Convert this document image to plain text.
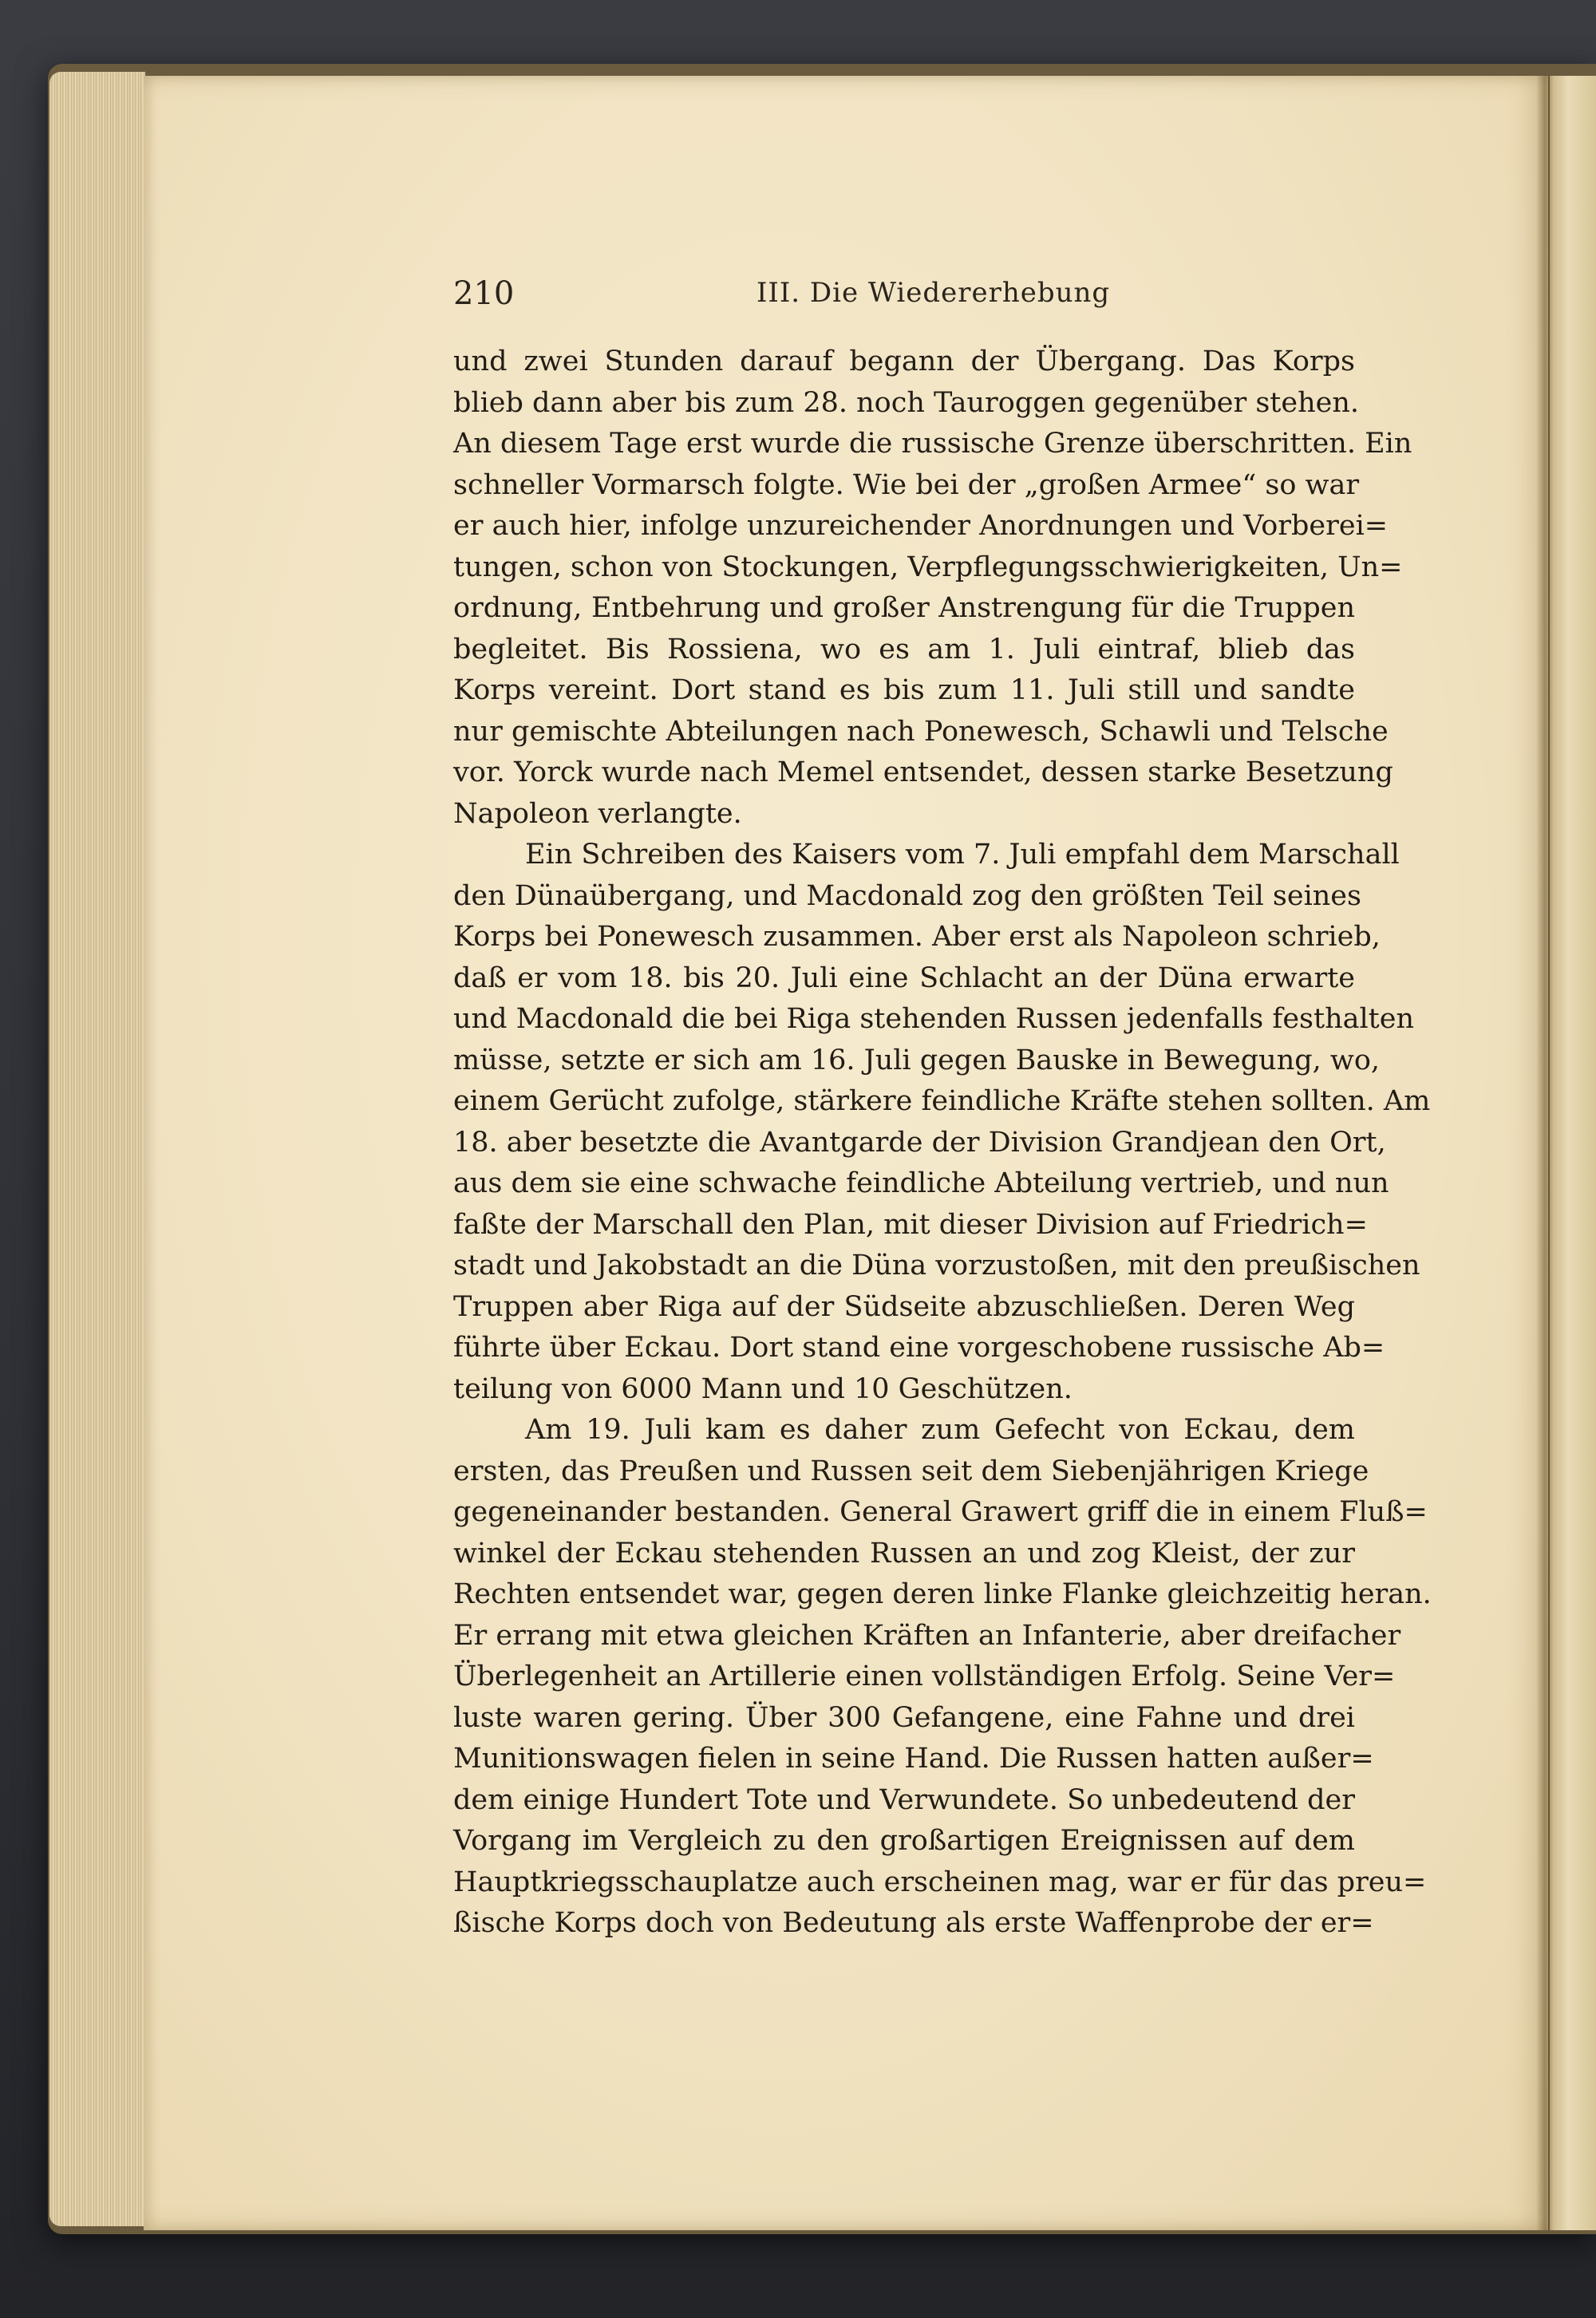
210	III. Die Wiedererhebung
und zwei Stunden darauf begann der Übergang. Das Korps
blieb dann aber bis zum 28. noch Tauroggen gegenüber stehen.
An diesem Tage erst wurde die russische Grenze überschritten. Ein
schneller Vormarsch folgte. Wie bei der „großen Armee“ so war
er auch hier, infolge unzureichender Anordnungen und Vorberei=
tungen, schon von Stockungen, Verpflegungsschwierigkeiten, Un=
ordnung, Entbehrung und großer Anstrengung für die Truppen
begleitet. Bis Rossiena, wo es am 1. Juli eintraf, blieb das
Korps vereint. Dort stand es bis zum 11. Juli still und sandte
nur gemischte Abteilungen nach Ponewesch, Schawli und Telsche
vor. Yorck wurde nach Memel entsendet, dessen starke Besetzung
Napoleon verlangte.
Ein Schreiben des Kaisers vom 7. Juli empfahl dem Marschall
den Dünaübergang, und Macdonald zog den größten Teil seines
Korps bei Ponewesch zusammen. Aber erst als Napoleon schrieb,
daß er vom 18. bis 20. Juli eine Schlacht an der Düna erwarte
und Macdonald die bei Riga stehenden Russen jedenfalls festhalten
müsse, setzte er sich am 16. Juli gegen Bauske in Bewegung, wo,
einem Gerücht zufolge, stärkere feindliche Kräfte stehen sollten. Am
18. aber besetzte die Avantgarde der Division Grandjean den Ort,
aus dem sie eine schwache feindliche Abteilung vertrieb, und nun
faßte der Marschall den Plan, mit dieser Division auf Friedrich=
stadt und Jakobstadt an die Düna vorzustoßen, mit den preußischen
Truppen aber Riga auf der Südseite abzuschließen. Deren Weg
führte über Eckau. Dort stand eine vorgeschobene russische Ab=
teilung von 6000 Mann und 10 Geschützen.
Am 19. Juli kam es daher zum Gefecht von Eckau, dem
ersten, das Preußen und Russen seit dem Siebenjährigen Kriege
gegeneinander bestanden. General Grawert griff die in einem Fluß=
winkel der Eckau stehenden Russen an und zog Kleist, der zur
Rechten entsendet war, gegen deren linke Flanke gleichzeitig heran.
Er errang mit etwa gleichen Kräften an Infanterie, aber dreifacher
Überlegenheit an Artillerie einen vollständigen Erfolg. Seine Ver=
luste waren gering. Über 300 Gefangene, eine Fahne und drei
Munitionswagen fielen in seine Hand. Die Russen hatten außer=
dem einige Hundert Tote und Verwundete. So unbedeutend der
Vorgang im Vergleich zu den großartigen Ereignissen auf dem
Hauptkriegsschauplatze auch erscheinen mag, war er für das preu=
ßische Korps doch von Bedeutung als erste Waffenprobe der er=
